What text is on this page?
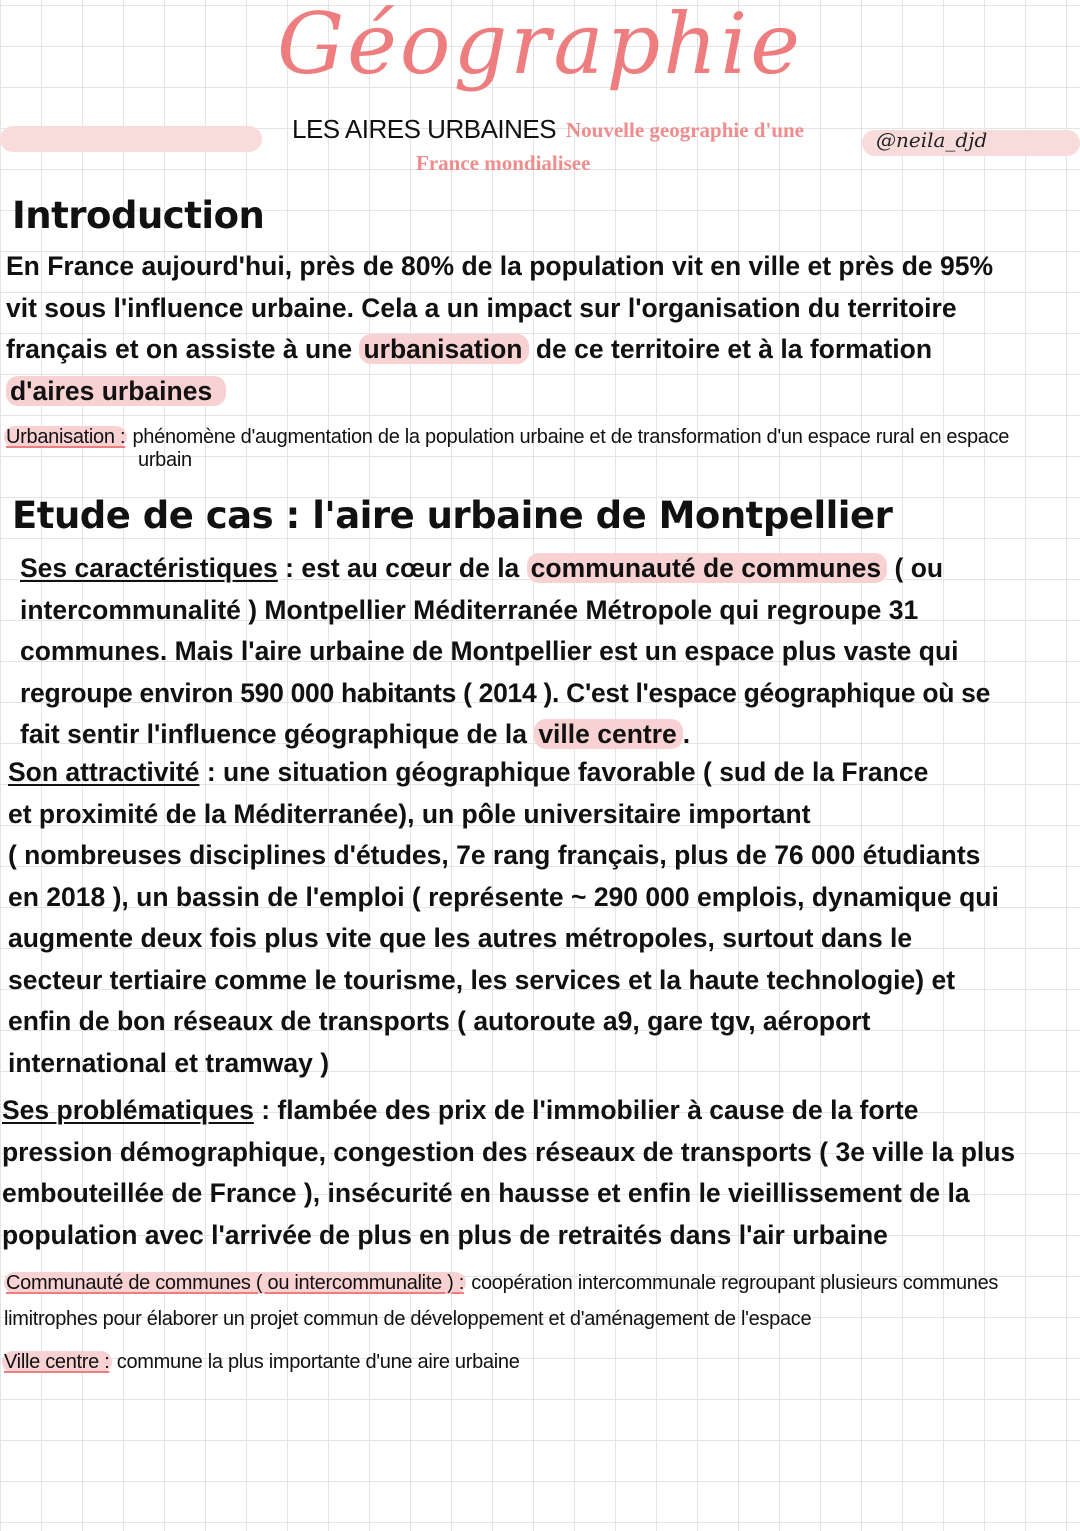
Géographie
LES AIRES URBAINES Nouvelle geographie d'une
France mondialisee
@neila_djd
Introduction
En France aujourd'hui, près de 80% de la population vit en ville et près de 95%
vit sous l'influence urbaine. Cela a un impact sur l'organisation du territoire
français et on assiste à une urbanisation de ce territoire et à la formation
d'aires urbaines
Urbanisation : phénomène d'augmentation de la population urbaine et de transformation d'un espace rural en espace
urbain
Etude de cas : l'aire urbaine de Montpellier
Ses caractéristiques : est au cœur de la communauté de communes ( ou
intercommunalité ) Montpellier Méditerranée Métropole qui regroupe 31
communes. Mais l'aire urbaine de Montpellier est un espace plus vaste qui
regroupe environ 590 000 habitants ( 2014 ). C'est l'espace géographique où se
fait sentir l'influence géographique de la ville centre .
Son attractivité : une situation géographique favorable ( sud de la France
et proximité de la Méditerranée), un pôle universitaire important
( nombreuses disciplines d'études, 7e rang français, plus de 76 000 étudiants
en 2018 ), un bassin de l'emploi ( représente ~ 290 000 emplois, dynamique qui
augmente deux fois plus vite que les autres métropoles, surtout dans le
secteur tertiaire comme le tourisme, les services et la haute technologie) et
enfin de bon réseaux de transports ( autoroute a9, gare tgv, aéroport
international et tramway )
Ses problématiques : flambée des prix de l'immobilier à cause de la forte
pression démographique, congestion des réseaux de transports ( 3e ville la plus
embouteillée de France ), insécurité en hausse et enfin le vieillissement de la
population avec l'arrivée de plus en plus de retraités dans l'air urbaine
Communauté de communes ( ou intercommunalite ) : coopération intercommunale regroupant plusieurs communes
limitrophes pour élaborer un projet commun de développement et d'aménagement de l'espace
Ville centre : commune la plus importante d'une aire urbaine
